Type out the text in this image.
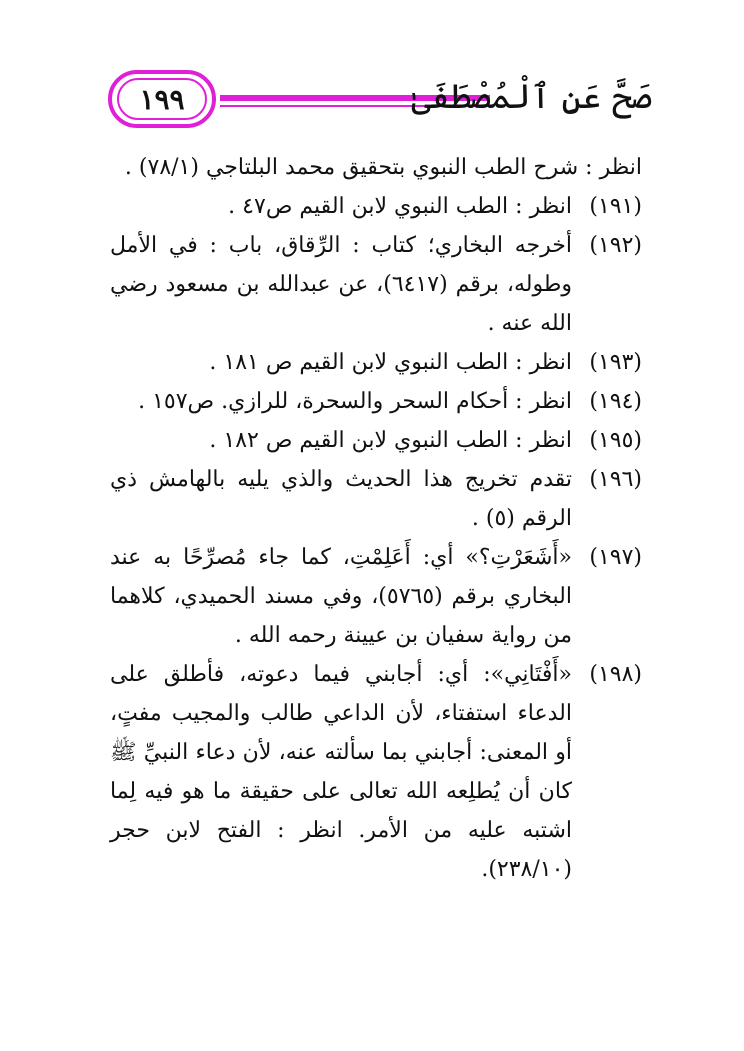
١٩٩	صَحَّ عَنِ ٱلْمُصْطَفَىٰ

انظر : شرح الطب النبوي بتحقيق محمد البلتاجي (٧٨/١) .

(١٩١)
انظر : الطب النبوي لابن القيم ص٤٧ .
(١٩٢)
أخرجه البخاري؛ كتاب : الرِّقاق، باب : في الأمل وطوله، برقم (٦٤١٧)، عن عبدالله بن مسعود رضي الله عنه .
(١٩٣)
انظر : الطب النبوي لابن القيم ص ١٨١ .
(١٩٤)
انظر : أحكام السحر والسحرة، للرازي. ص١٥٧ .
(١٩٥)
انظر : الطب النبوي لابن القيم ص ١٨٢ .
(١٩٦)
تقدم تخريج هذا الحديث والذي يليه بالهامش ذي الرقم (٥) .
(١٩٧)
«أَشَعَرْتِ؟» أي: أَعَلِمْتِ، كما جاء مُصرِّحًا به عند البخاري برقم (٥٧٦٥)، وفي مسند الحميدي، كلاهما من رواية سفيان بن عيينة رحمه الله .
(١٩٨)
«أَفْتَانِي»: أي: أجابني فيما دعوته، فأطلق على الدعاء استفتاء، لأن الداعي طالب والمجيب مفتٍ، أو المعنى: أجابني بما سألته عنه، لأن دعاء النبيِّ ﷺ كان أن يُطلِعه الله تعالى على حقيقة ما هو فيه لِما اشتبه عليه من الأمر. انظر : الفتح لابن حجر (٢٣٨/١٠).
